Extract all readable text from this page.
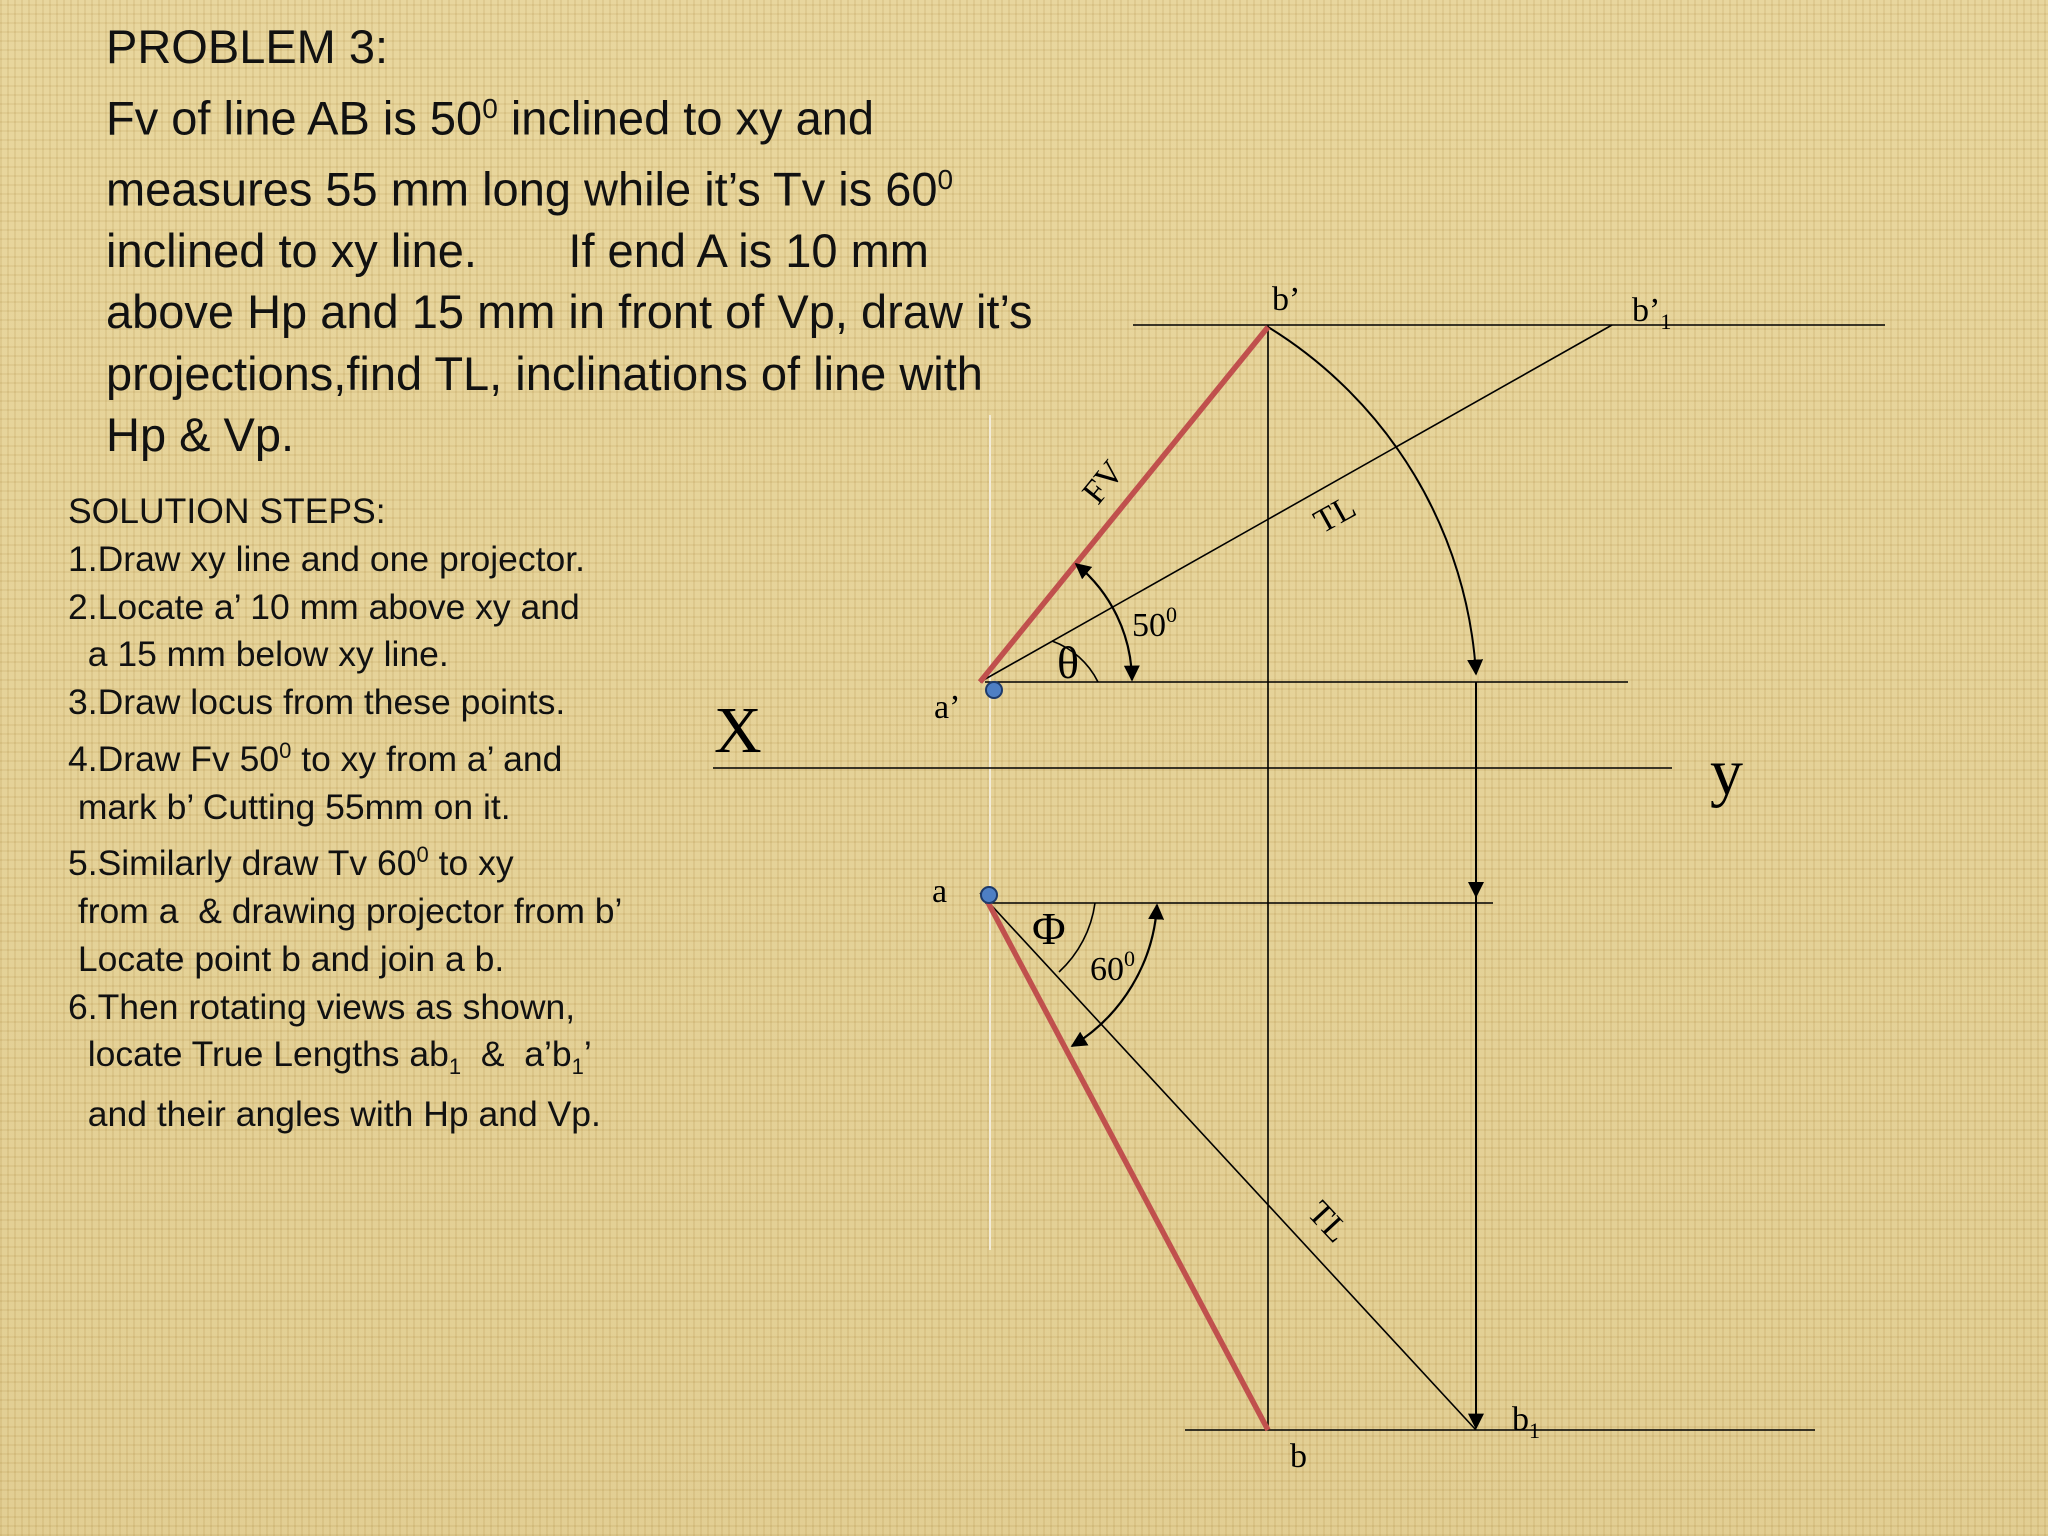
PROBLEM 3:
Fv of line AB is $50^0$ inclined to xy and
measures 55 mm long while it’s Tv is $60^0$
inclined to xy line.       If end A is 10 mm
above Hp and 15 mm in front of Vp, draw it’s
projections,find TL, inclinations of line with
Hp & Vp.
SOLUTION STEPS:
1.Draw xy line and one projector.
2.Locate a’ 10 mm above xy and
a 15 mm below xy line.
3.Draw locus from these points.
4.Draw Fv $50^0$ to xy from a’ and
mark b’ Cutting 55mm on it.
5.Similarly draw Tv $60^0$ to xy
from a  & drawing projector from b’
Locate point b and join a b.
6.Then rotating views as shown,
locate True Lengths $ab_1$  &  $a’b_1$’
and their angles with Hp and Vp.
b’	$b’_1$
a’
a
b
$b_1$
X
y
FV
TL
TL
θ
Φ
$50^0$
$60^0$
